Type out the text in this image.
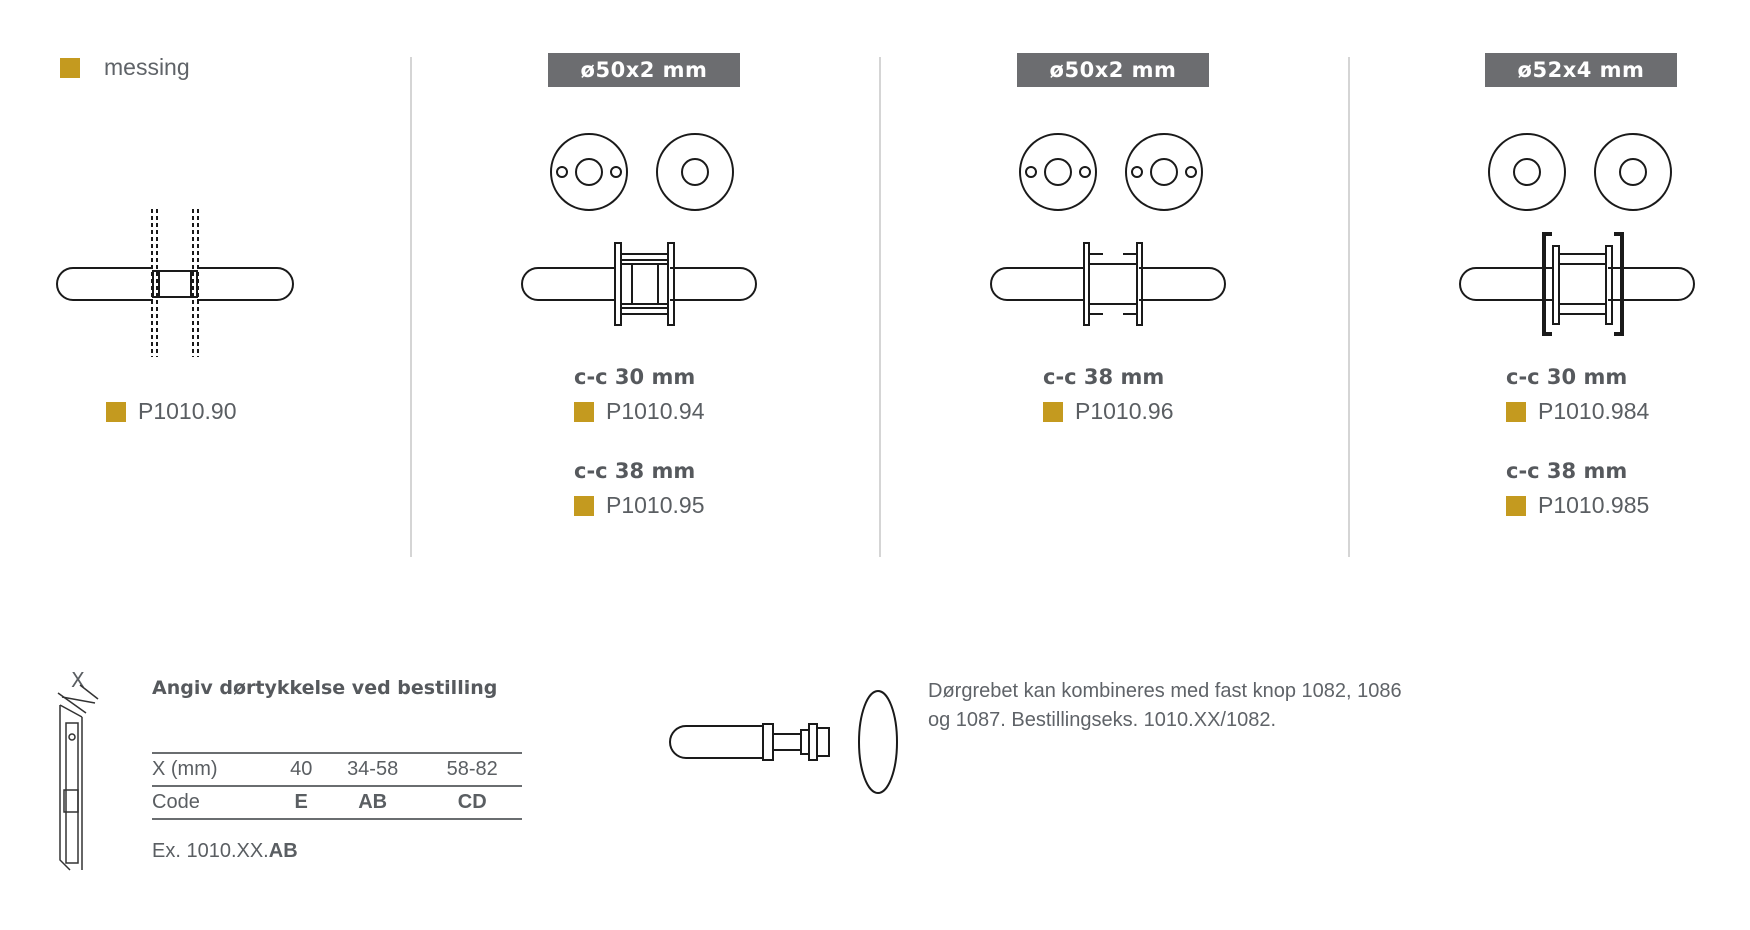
messing	ø50x2 mm	ø50x2 mm	ø52x4 mm
P1010.90
c-c 30 mm
P1010.94
c-c 38 mm
P1010.95
c-c 38 mm
P1010.96
c-c 30 mm
P1010.984
c-c 38 mm
P1010.985
X	Angiv dørtykkelse ved bestilling
X (mm)	40	34-58	58-82
Code	E	AB	CD
Ex. 1010.XX.AB
Dørgrebet kan kombineres med fast knop 1082, 1086
og 1087. Bestillingseks. 1010.XX/1082.
